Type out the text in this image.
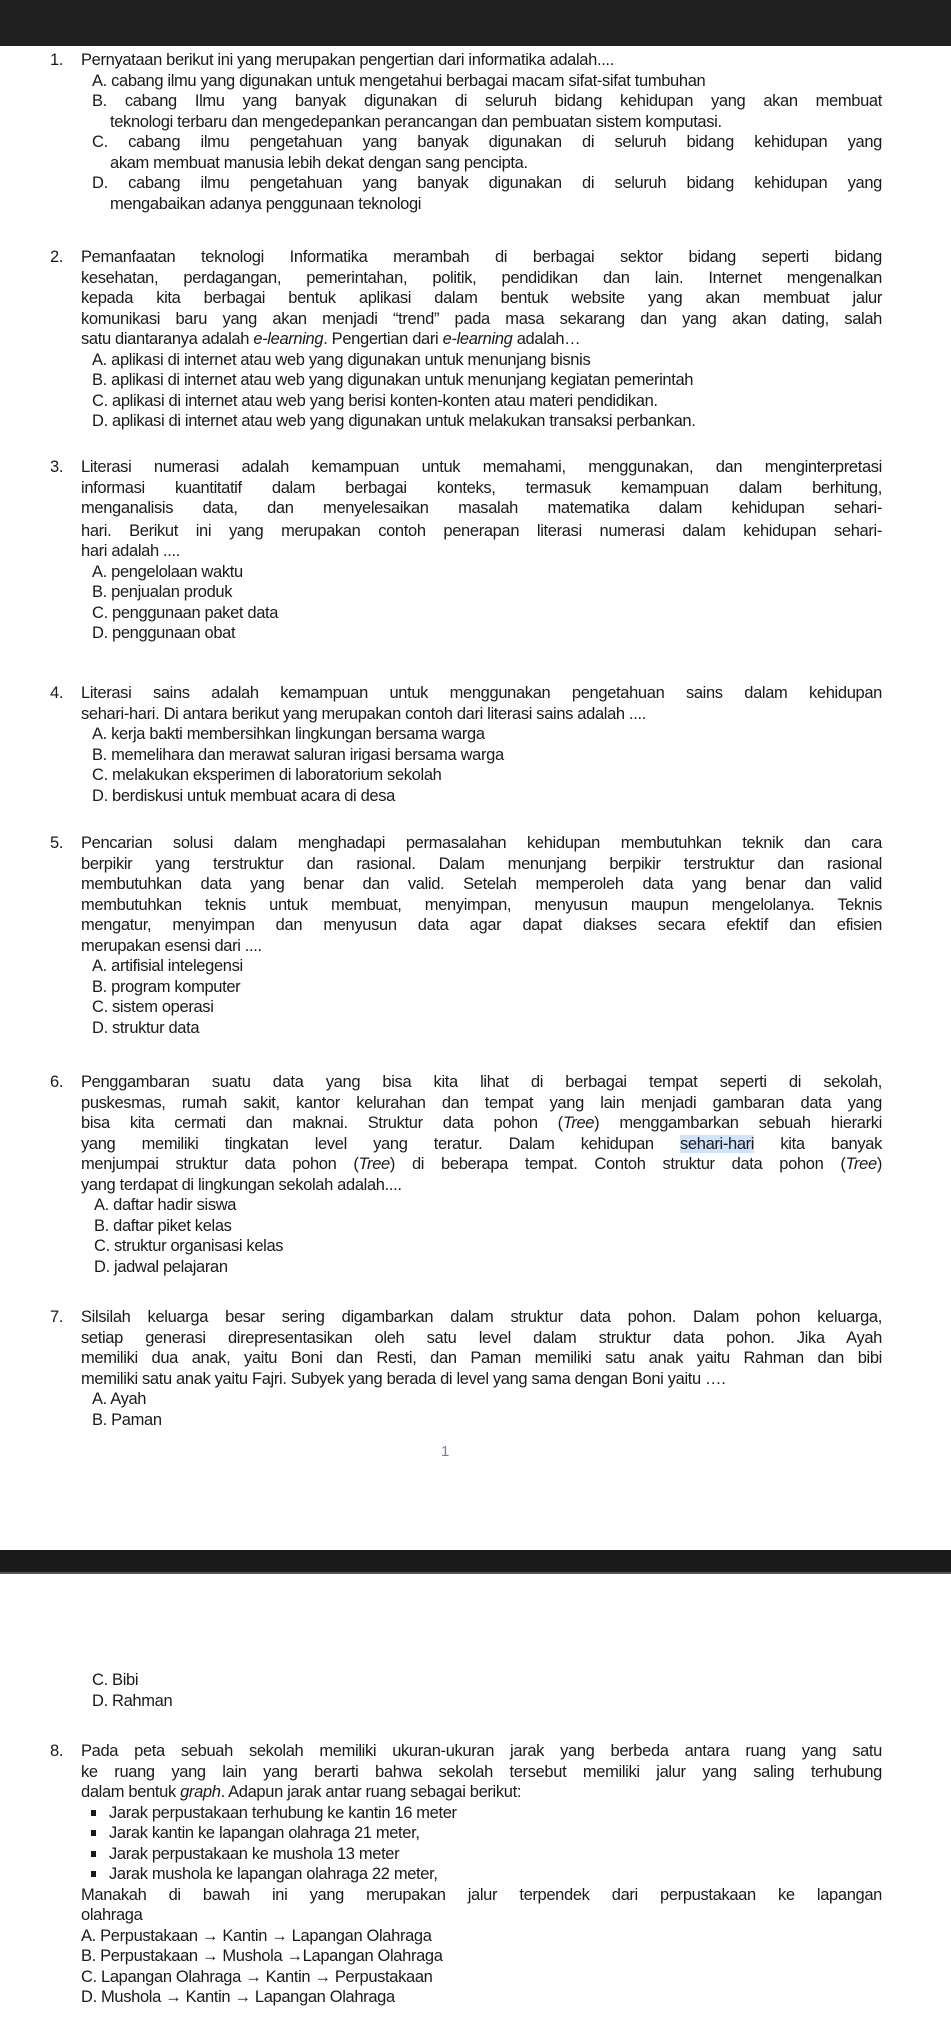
1. Pernyataan berikut ini yang merupakan pengertian dari informatika adalah....
A. cabang ilmu yang digunakan untuk mengetahui berbagai macam sifat-sifat tumbuhan
B. cabang Ilmu yang banyak digunakan di seluruh bidang kehidupan yang akan membuat
teknologi terbaru dan mengedepankan perancangan dan pembuatan sistem komputasi.
C. cabang ilmu pengetahuan yang banyak digunakan di seluruh bidang kehidupan yang
akam membuat manusia lebih dekat dengan sang pencipta.
D. cabang ilmu pengetahuan yang banyak digunakan di seluruh bidang kehidupan yang
mengabaikan adanya penggunaan teknologi
2. Pemanfaatan teknologi Informatika merambah di berbagai sektor bidang seperti bidang
kesehatan, perdagangan, pemerintahan, politik, pendidikan dan lain. Internet mengenalkan
kepada kita berbagai bentuk aplikasi dalam bentuk website yang akan membuat jalur
komunikasi baru yang akan menjadi “trend” pada masa sekarang dan yang akan dating, salah
satu diantaranya adalah e-learning. Pengertian dari e-learning adalah…
A. aplikasi di internet atau web yang digunakan untuk menunjang bisnis
B. aplikasi di internet atau web yang digunakan untuk menunjang kegiatan pemerintah
C. aplikasi di internet atau web yang berisi konten-konten atau materi pendidikan.
D. aplikasi di internet atau web yang digunakan untuk melakukan transaksi perbankan.
3. Literasi numerasi adalah kemampuan untuk memahami, menggunakan, dan menginterpretasi
informasi kuantitatif dalam berbagai konteks, termasuk kemampuan dalam berhitung,
menganalisis data, dan menyelesaikan masalah matematika dalam kehidupan sehari-
hari. Berikut ini yang merupakan contoh penerapan literasi numerasi dalam kehidupan sehari-
hari adalah ....
A. pengelolaan waktu
B. penjualan produk
C. penggunaan paket data
D. penggunaan obat
4. Literasi sains adalah kemampuan untuk menggunakan pengetahuan sains dalam kehidupan
sehari-hari. Di antara berikut yang merupakan contoh dari literasi sains adalah ....
A. kerja bakti membersihkan lingkungan bersama warga
B. memelihara dan merawat saluran irigasi bersama warga
C. melakukan eksperimen di laboratorium sekolah
D. berdiskusi untuk membuat acara di desa
5. Pencarian solusi dalam menghadapi permasalahan kehidupan membutuhkan teknik dan cara
berpikir yang terstruktur dan rasional. Dalam menunjang berpikir terstruktur dan rasional
membutuhkan data yang benar dan valid. Setelah memperoleh data yang benar dan valid
membutuhkan teknis untuk membuat, menyimpan, menyusun maupun mengelolanya. Teknis
mengatur, menyimpan dan menyusun data agar dapat diakses secara efektif dan efisien
merupakan esensi dari ....
A. artifisial intelegensi
B. program komputer
C. sistem operasi
D. struktur data
6. Penggambaran suatu data yang bisa kita lihat di berbagai tempat seperti di sekolah,
puskesmas, rumah sakit, kantor kelurahan dan tempat yang lain menjadi gambaran data yang
bisa kita cermati dan maknai. Struktur data pohon (Tree) menggambarkan sebuah hierarki
yang memiliki tingkatan level yang teratur. Dalam kehidupan sehari-hari kita banyak
menjumpai struktur data pohon (Tree) di beberapa tempat. Contoh struktur data pohon (Tree)
yang terdapat di lingkungan sekolah adalah....
A. daftar hadir siswa
B. daftar piket kelas
C. struktur organisasi kelas
D. jadwal pelajaran
7. Silsilah keluarga besar sering digambarkan dalam struktur data pohon. Dalam pohon keluarga,
setiap generasi direpresentasikan oleh satu level dalam struktur data pohon. Jika Ayah
memiliki dua anak, yaitu Boni dan Resti, dan Paman memiliki satu anak yaitu Rahman dan bibi
memiliki satu anak yaitu Fajri. Subyek yang berada di level yang sama dengan Boni yaitu ….
A. Ayah
B. Paman
1
C. Bibi
D. Rahman
8. Pada peta sebuah sekolah memiliki ukuran-ukuran jarak yang berbeda antara ruang yang satu
ke ruang yang lain yang berarti bahwa sekolah tersebut memiliki jalur yang saling terhubung
dalam bentuk graph. Adapun jarak antar ruang sebagai berikut:
Jarak perpustakaan terhubung ke kantin 16 meter
Jarak kantin ke lapangan olahraga 21 meter,
Jarak perpustakaan ke mushola 13 meter
Jarak mushola ke lapangan olahraga 22 meter,
Manakah di bawah ini yang merupakan jalur terpendek dari perpustakaan ke lapangan
olahraga
A. Perpustakaan → Kantin → Lapangan Olahraga
B. Perpustakaan → Mushola →Lapangan Olahraga
C. Lapangan Olahraga → Kantin → Perpustakaan
D. Mushola → Kantin → Lapangan Olahraga
